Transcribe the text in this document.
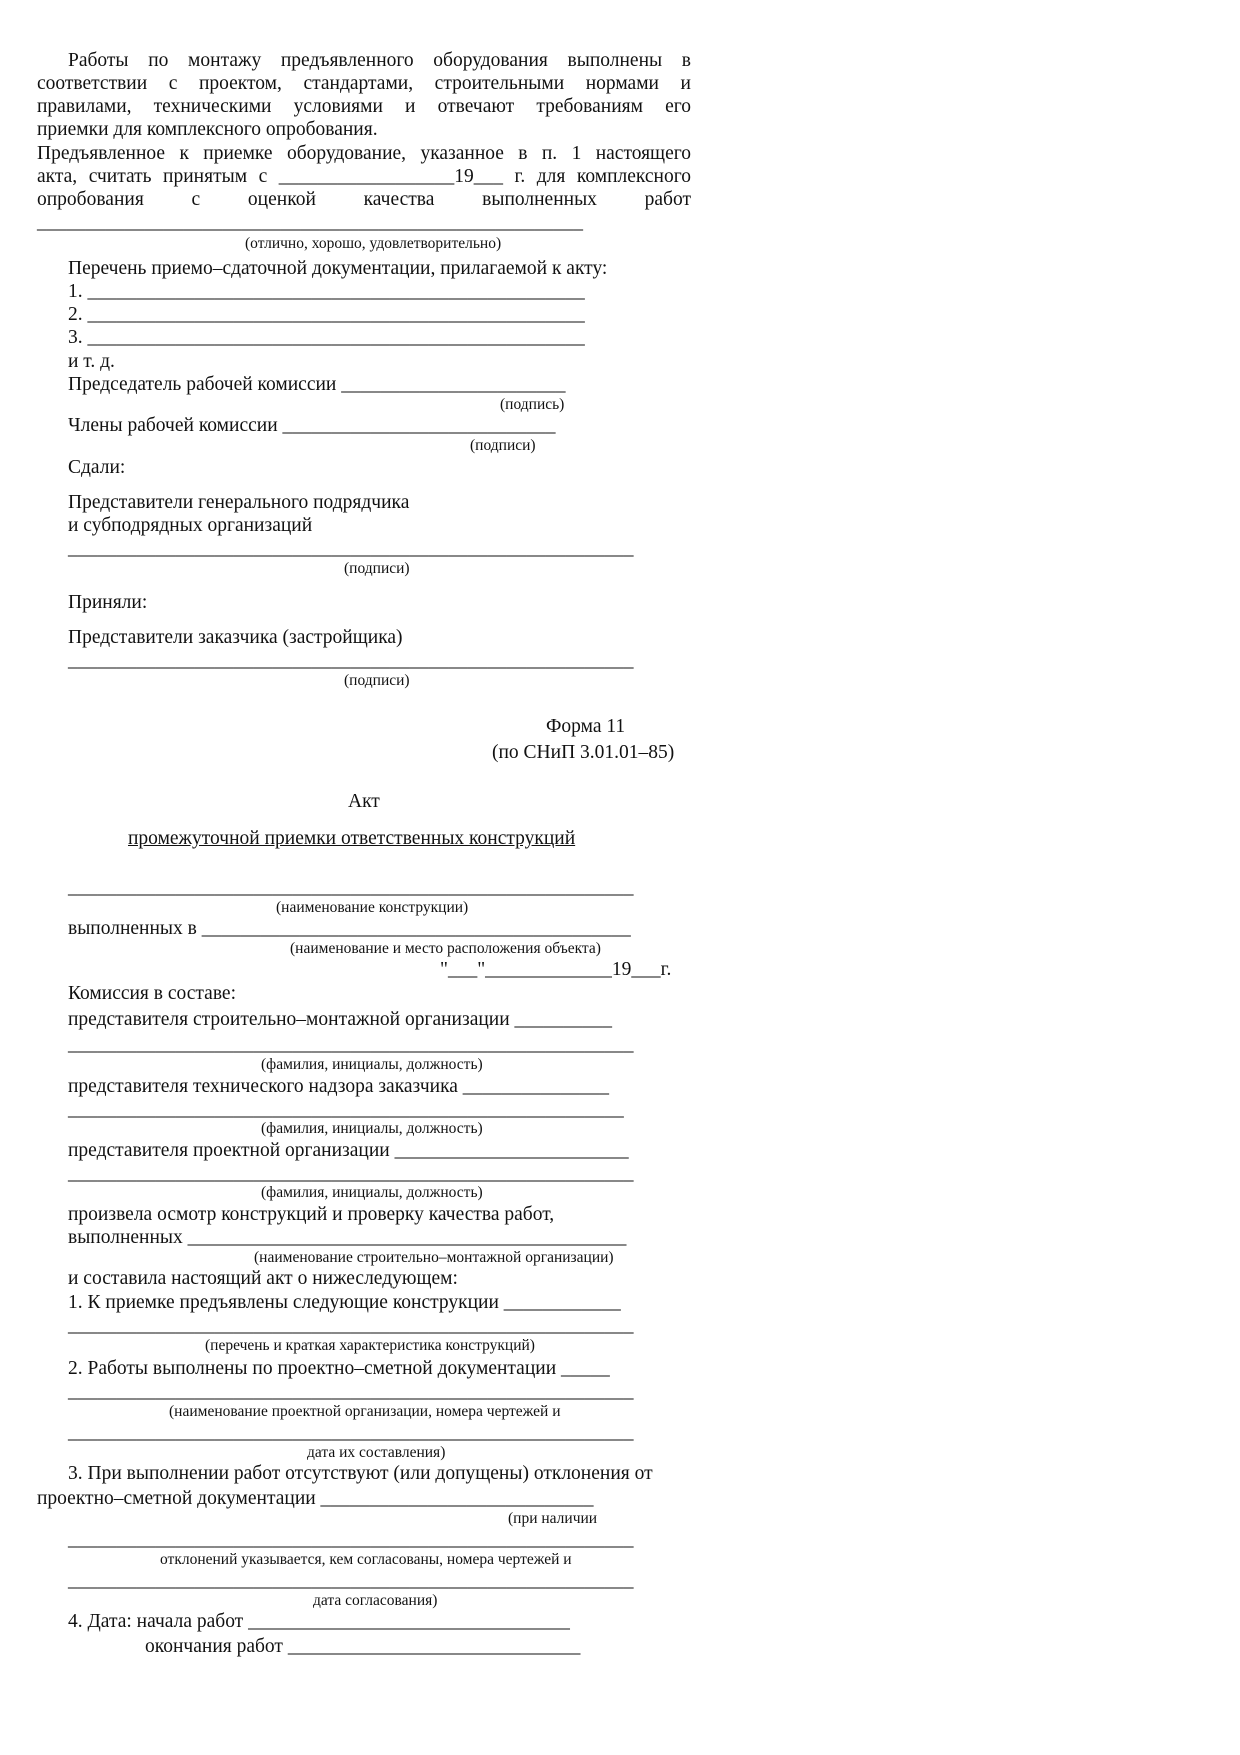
Работы по монтажу предъявленного оборудования выполнены в
соответствии с проектом, стандартами, строительными нормами и
правилами, техническими условиями и отвечают требованиям его
приемки для комплексного опробования.
Предъявленное к приемке оборудование, указанное в п. 1 настоящего
акта, считать принятым с __________________19___ г. для комплексного
опробования с оценкой качества выполненных работ
________________________________________________________
(отлично, хорошо, удовлетворительно)
Перечень приемо–сдаточной документации, прилагаемой к акту:
1. ___________________________________________________
2. ___________________________________________________
3. ___________________________________________________
и т. д.
Председатель рабочей комиссии _______________________
(подпись)
Члены рабочей комиссии ____________________________
(подписи)
Сдали:
Представители генерального подрядчика
и субподрядных организаций
__________________________________________________________
(подписи)
Приняли:
Представители заказчика (застройщика)
__________________________________________________________
(подписи)
Форма 11
(по СНиП 3.01.01–85)
Акт
промежуточной приемки ответственных конструкций
__________________________________________________________
(наименование конструкции)
выполненных в ____________________________________________
(наименование и место расположения объекта)
"___"_____________19___г.
Комиссия в составе:
представителя строительно–монтажной организации __________
__________________________________________________________
(фамилия, инициалы, должность)
представителя технического надзора заказчика _______________
_________________________________________________________
(фамилия, инициалы, должность)
представителя проектной организации ________________________
__________________________________________________________
(фамилия, инициалы, должность)
произвела осмотр конструкций и проверку качества работ,
выполненных _____________________________________________
(наименование строительно–монтажной организации)
и составила настоящий акт о нижеследующем:
1. К приемке предъявлены следующие конструкции ____________
__________________________________________________________
(перечень и краткая характеристика конструкций)
2. Работы выполнены по проектно–сметной документации _____
__________________________________________________________
(наименование проектной организации, номера чертежей и
__________________________________________________________
дата их составления)
3. При выполнении работ отсутствуют (или допущены) отклонения от
проектно–сметной документации ____________________________
(при наличии
__________________________________________________________
отклонений указывается, кем согласованы, номера чертежей и
__________________________________________________________
дата согласования)
4. Дата: начала работ _________________________________
окончания работ ______________________________
